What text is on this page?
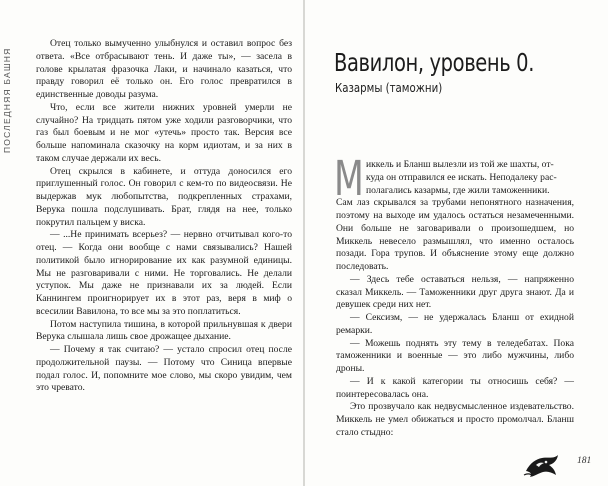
ПОСЛЕДНЯЯ БАШНЯ

Отец только вымученно улыбнулся и оставил вопрос без ответа. «Все отбрасывают тень. И даже ты», — засела в голове крылатая фразочка Лаки, и начинало казаться, что правду говорил её только он. Его голос превратился в единственные доводы разума.

Что, если все жители нижних уровней умерли не случайно? На тридцать пятом уже ходили разговорчики, что газ был боевым и не мог «утечь» просто так. Версия все больше напоминала сказочку на корм идиотам, и за них в таком случае держали их весь.

Отец скрылся в кабинете, и оттуда доносился его приглушенный голос. Он говорил с кем-то по видеосвязи. Не выдержав мук любопытства, подкрепленных страхами, Верука пошла подслушивать. Брат, глядя на нее, только покрутил пальцем у виска.

— ...Не принимать всерьез? — нервно отчитывал кого-то отец. — Когда они вообще с нами связывались? Нашей политикой было игнорирование их как разумной единицы. Мы не разговаривали с ними. Не торговались. Не делали уступок. Мы даже не признавали их за людей. Если Каннингем проигнорирует их в этот раз, веря в миф о всесилии Вавилона, то все мы за это поплатиться.

Потом наступила тишина, в которой прильнувшая к двери Верука слышала лишь свое дрожащее дыхание.

— Почему я так считаю? — устало спросил отец после продолжительной паузы. — Потому что Синица впервые подал голос. И, попомните мое слово, мы скоро увидим, чем это чревато.

Вавилон, уровень 0.
Казармы (таможни)
М иккель и Бланш вылезли из той же шахты, от-
куда он отправился ее искать. Неподалеку рас-
полагались казармы, где жили таможенники.
Сам лаз скрывался за трубами непонятного назначения, поэтому на выходе им удалось остаться незамеченными. Они больше не заговаривали о произошедшем, но Миккель невесело размышлял, что именно осталось позади. Гора трупов. И объяснение этому еще должно последовать.

— Здесь тебе оставаться нельзя, — напряженно сказал Миккель. — Таможенники друг друга знают. Да и девушек среди них нет.

— Сексизм, — не удержалась Бланш от ехидной ремарки.

— Можешь поднять эту тему в теледебатах. Пока таможенники и военные — это либо мужчины, либо дроны.

— И к какой категории ты относишь себя? — поинтересовалась она.

Это прозвучало как недвусмысленное издевательство. Миккель не умел обижаться и просто промолчал. Бланш стало стыдно:

181
